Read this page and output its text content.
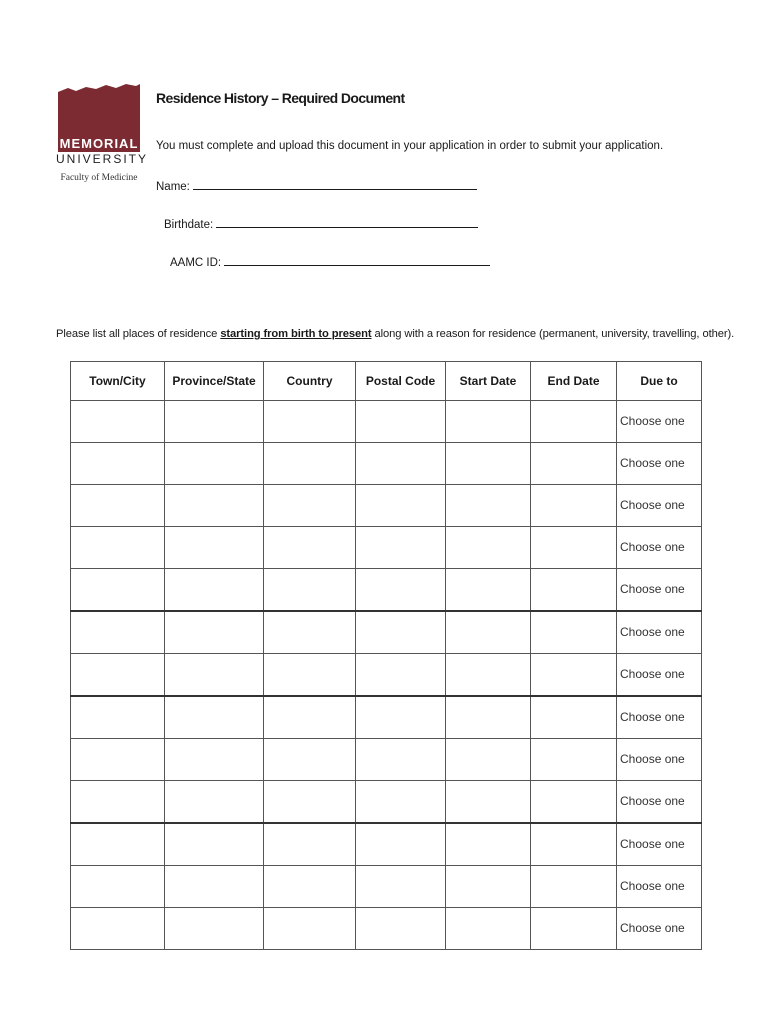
MEMORIAL
UNIVERSITY
Faculty of Medicine
Residence History – Required Document
You must complete and upload this document in your application in order to submit your application.
Name:
Birthdate:
AAMC ID:
Please list all places of residence starting from birth to present along with a reason for residence (permanent, university, travelling, other).
Town/City	Province/State	Country	Postal Code	Start Date	End Date	Due to
						Choose one
						Choose one
						Choose one
						Choose one
						Choose one
						Choose one
						Choose one
						Choose one
						Choose one
						Choose one
						Choose one
						Choose one
						Choose one
